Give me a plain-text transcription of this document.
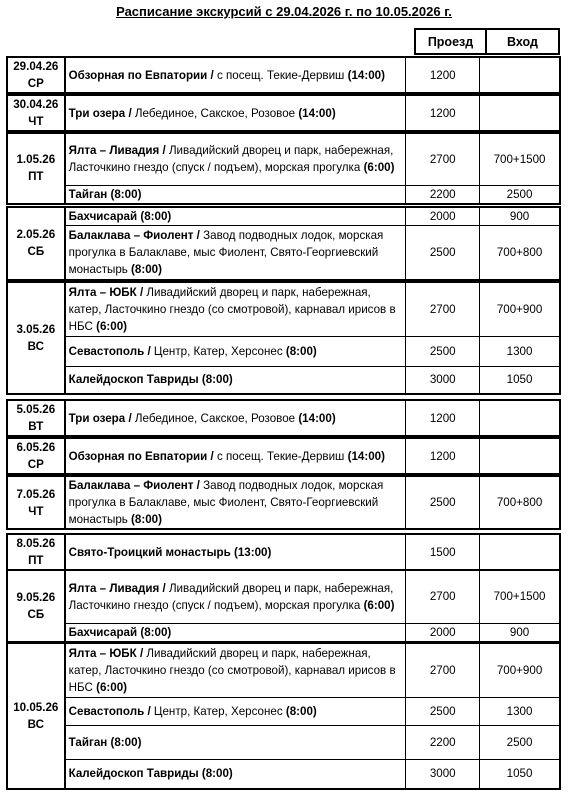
Расписание экскурсий с 29.04.2026 г. по 10.05.2026 г.
Проезд	Вход
29.04.26
СР
	Обзорная по Евпатории / с посещ. Текие-Дервиш (14:00)	1200	
30.04.26
ЧТ
	Три озера / Лебединое, Сакское, Розовое (14:00)	1200	
1.05.26
ПТ	Ялта – Ливадия / Ливадийский дворец и парк, набережная, Ласточкино гнездо (спуск / подъем), морская прогулка (6:00)	2700	700+1500
	Тайган (8:00)	2200	2500
2.05.26
СБ	Бахчисарай (8:00)	2000	900
	Балаклава – Фиолент / Завод подводных лодок, морская прогулка в Балаклаве, мыс Фиолент, Свято-Георгиевский монастырь (8:00)	2500	700+800
3.05.26
ВС	Ялта – ЮБК / Ливадийский дворец и парк, набережная, катер, Ласточкино гнездо (со смотровой), карнавал ирисов в НБС (6:00)	2700	700+900
	Севастополь / Центр, Катер, Херсонес (8:00)	2500	1300
	Калейдоскоп Тавриды (8:00)	3000	1050
5.05.26
ВТ
	Три озера / Лебединое, Сакское, Розовое (14:00)	1200	
6.05.26
СР
	Обзорная по Евпатории / с посещ. Текие-Дервиш (14:00)	1200	
7.05.26
ЧТ
	Балаклава – Фиолент / Завод подводных лодок, морская прогулка в Балаклаве, мыс Фиолент, Свято-Георгиевский монастырь (8:00)	2500	700+800
8.05.26
ПТ
	Свято-Троицкий монастырь (13:00)	1500	
9.05.26
СБ	Ялта – Ливадия / Ливадийский дворец и парк, набережная, Ласточкино гнездо (спуск / подъем), морская прогулка (6:00)	2700	700+1500
	Бахчисарай (8:00)	2000	900
10.05.26
ВС	Ялта – ЮБК / Ливадийский дворец и парк, набережная, катер, Ласточкино гнездо (со смотровой), карнавал ирисов в НБС (6:00)	2700	700+900
	Севастополь / Центр, Катер, Херсонес (8:00)	2500	1300
	Тайган (8:00)	2200	2500
	Калейдоскоп Тавриды (8:00)	3000	1050
